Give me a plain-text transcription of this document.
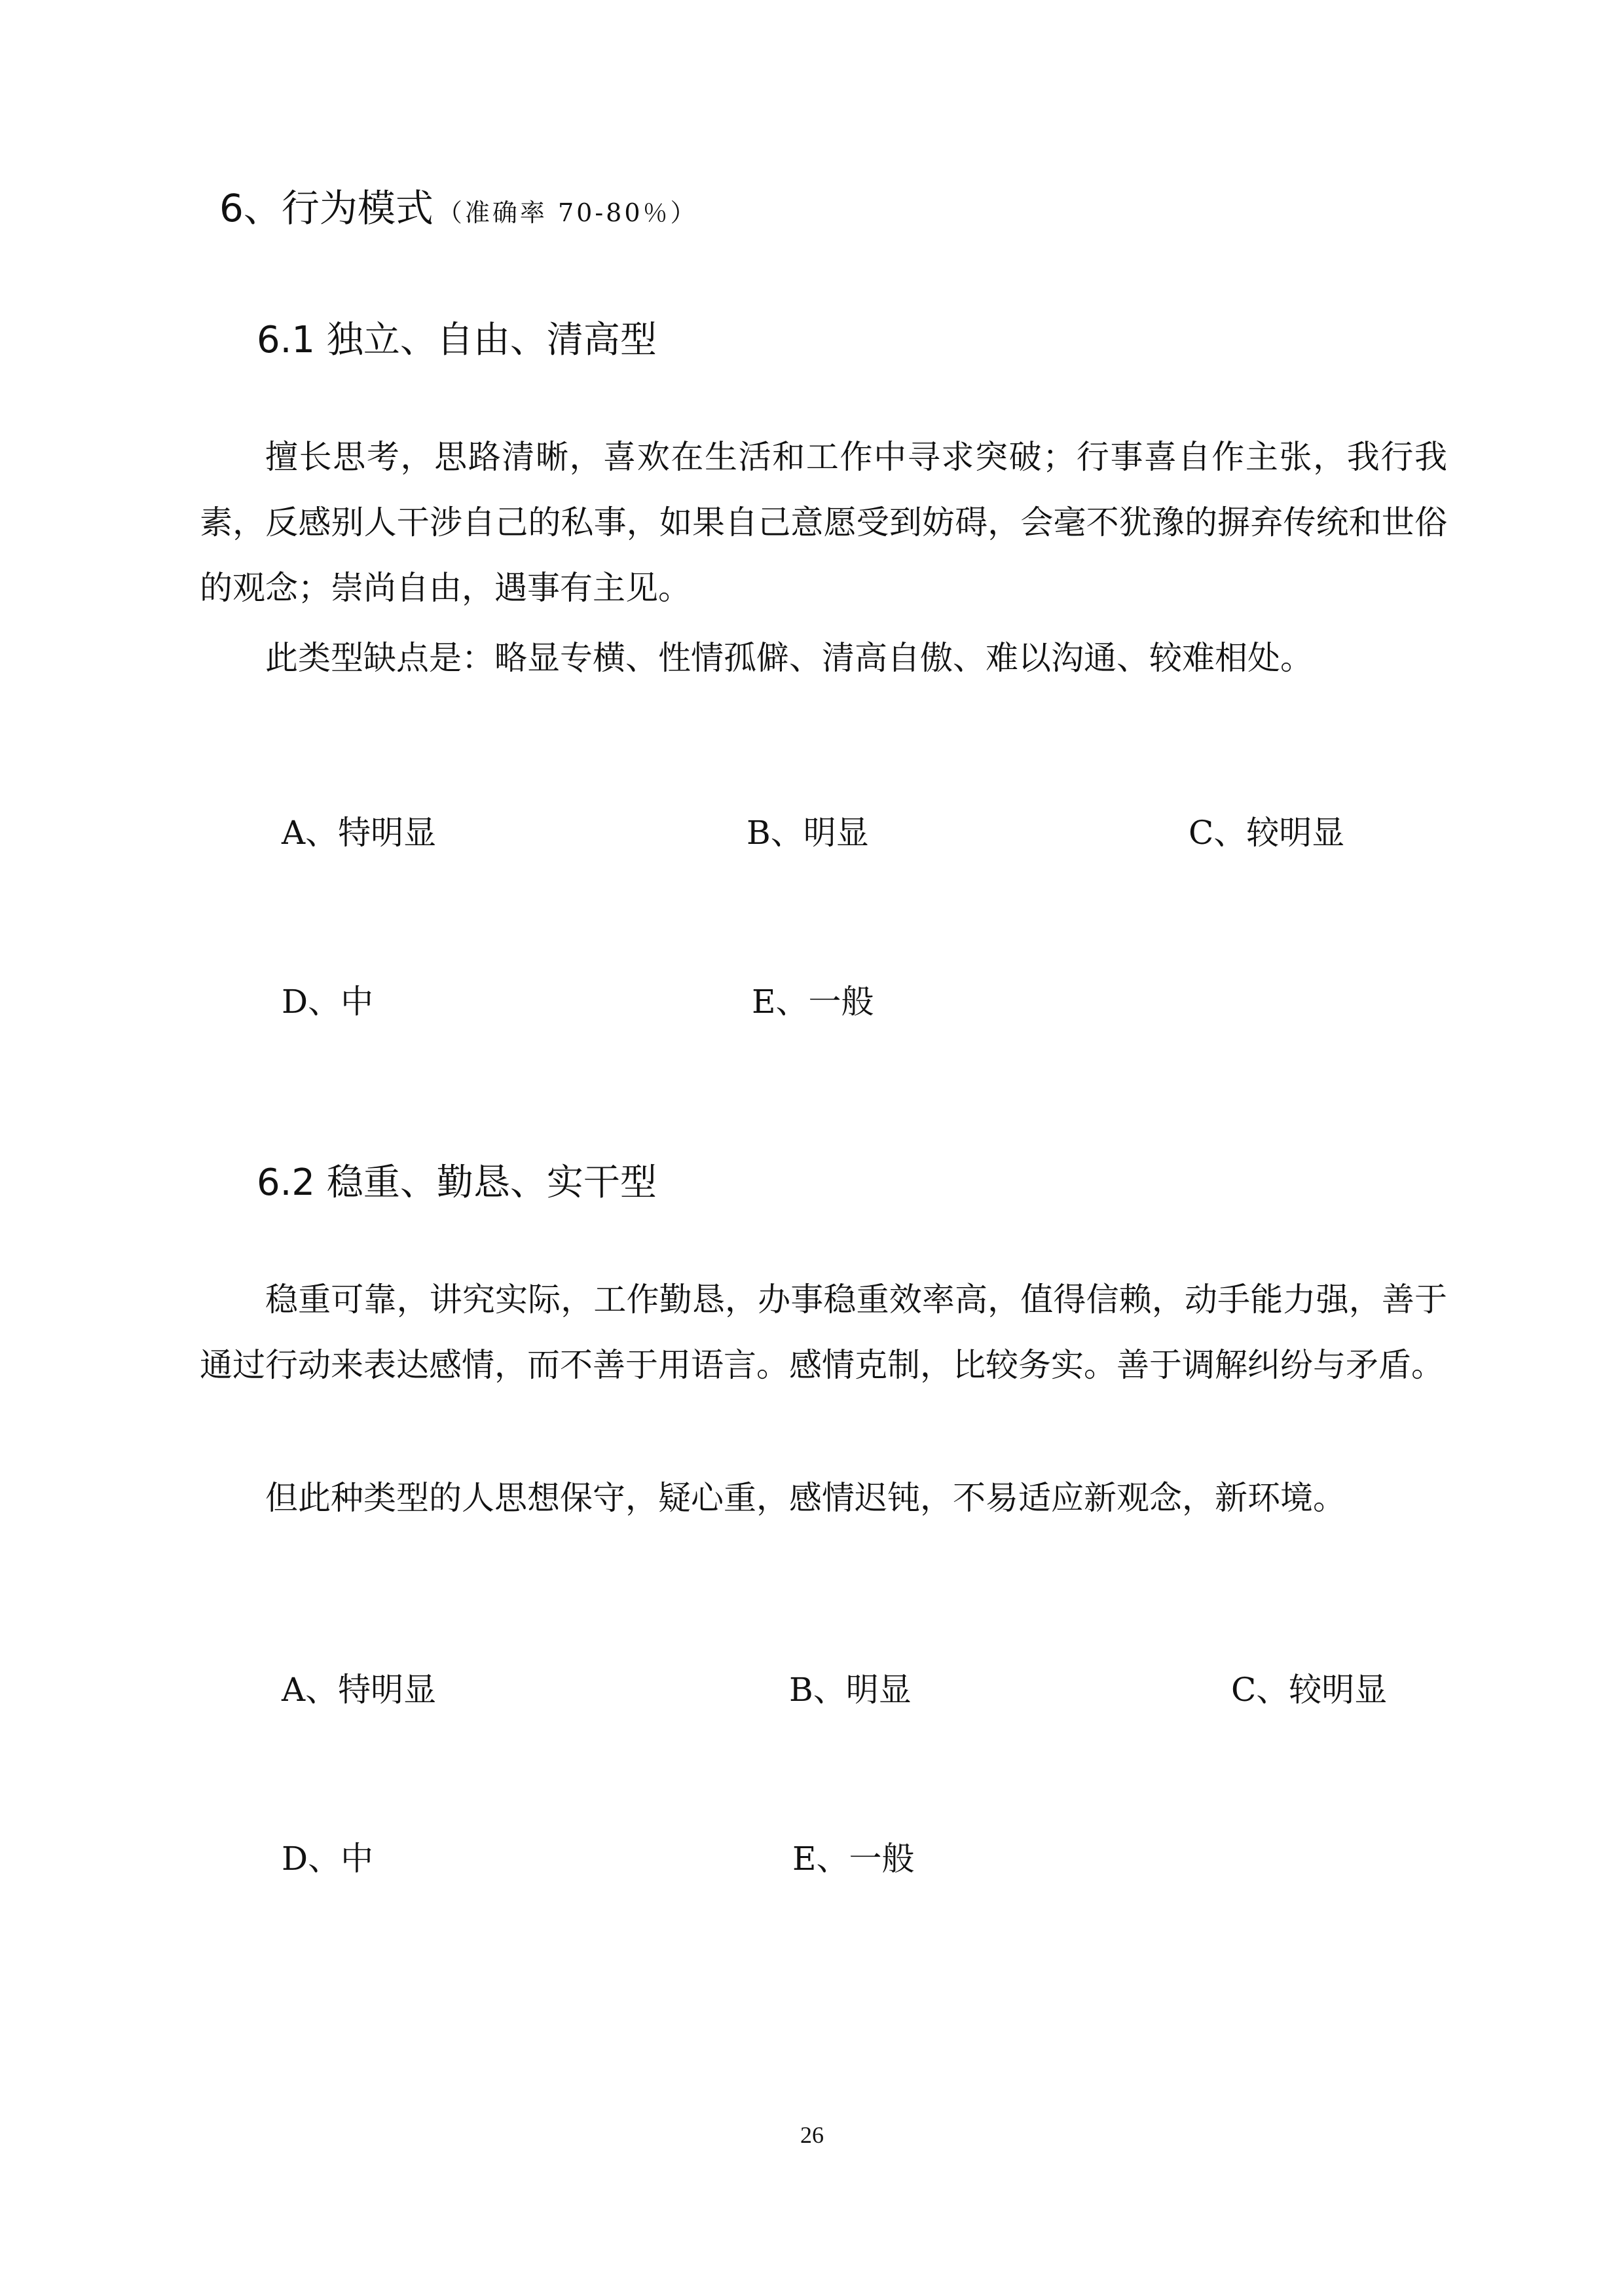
6、行为模式 （准确率 70-80％）
6.1 独立、自由、清高型

擅长思考，思路清晰，喜欢在生活和工作中寻求突破；行事喜自作主张，我行我素，反感别人干涉自己的私事，如果自己意愿受到妨碍，会毫不犹豫的摒弃传统和世俗的观念；崇尚自由，遇事有主见。

此类型缺点是：略显专横、性情孤僻、清高自傲、难以沟通、较难相处。

A、特明显	B、明显	C、较明显
D、中	E、一般
6.2 稳重、勤恳、实干型

稳重可靠，讲究实际，工作勤恳，办事稳重效率高，值得信赖，动手能力强，善于通过行动来表达感情，而不善于用语言。感情克制，比较务实。善于调解纠纷与矛盾。

但此种类型的人思想保守，疑心重，感情迟钝，不易适应新观念，新环境。

A、特明显	B、明显	C、较明显
D、中	E、一般
26
